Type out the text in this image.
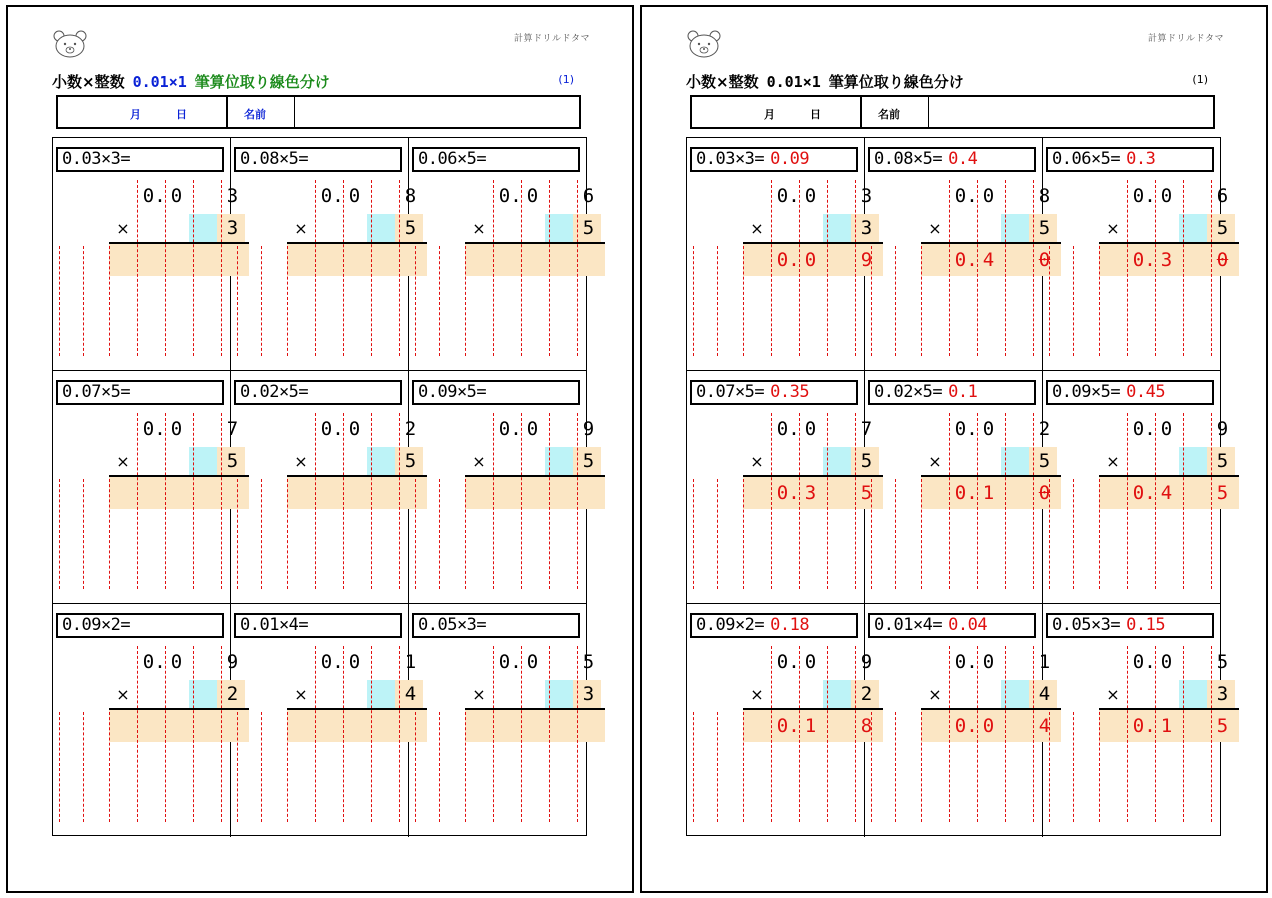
計算ドリルドタマ
小数×整数 0.01×1 筆算位取り線色分け	(1)
月	日	名前
0.03×3=
0 . 0	3
×	3
0.08×5=
0 . 0	8
×	5
0.06×5=
0 . 0	6
×	5
0.07×5=
0 . 0	7
×	5
0.02×5=
0 . 0	2
×	5
0.09×5=
0 . 0	9
×	5
0.09×2=
0 . 0	9
×	2
0.01×4=
0 . 0	1
×	4
0.05×3=
0 . 0	5
×	3
計算ドリルドタマ
小数×整数 0.01×1 筆算位取り線色分け	(1)
月	日	名前
0.03×3= 0.09
0 . 0	3
×	3
0 . 0	9
0.08×5= 0.4
0 . 0	8
×	5
0 . 4	0
0.06×5= 0.3
0 . 0	6
×	5
0 . 3	0
0.07×5= 0.35
0 . 0	7
×	5
0 . 3	5
0.02×5= 0.1
0 . 0	2
×	5
0 . 1	0
0.09×5= 0.45
0 . 0	9
×	5
0 . 4	5
0.09×2= 0.18
0 . 0	9
×	2
0 . 1	8
0.01×4= 0.04
0 . 0	1
×	4
0 . 0	4
0.05×3= 0.15
0 . 0	5
×	3
0 . 1	5
